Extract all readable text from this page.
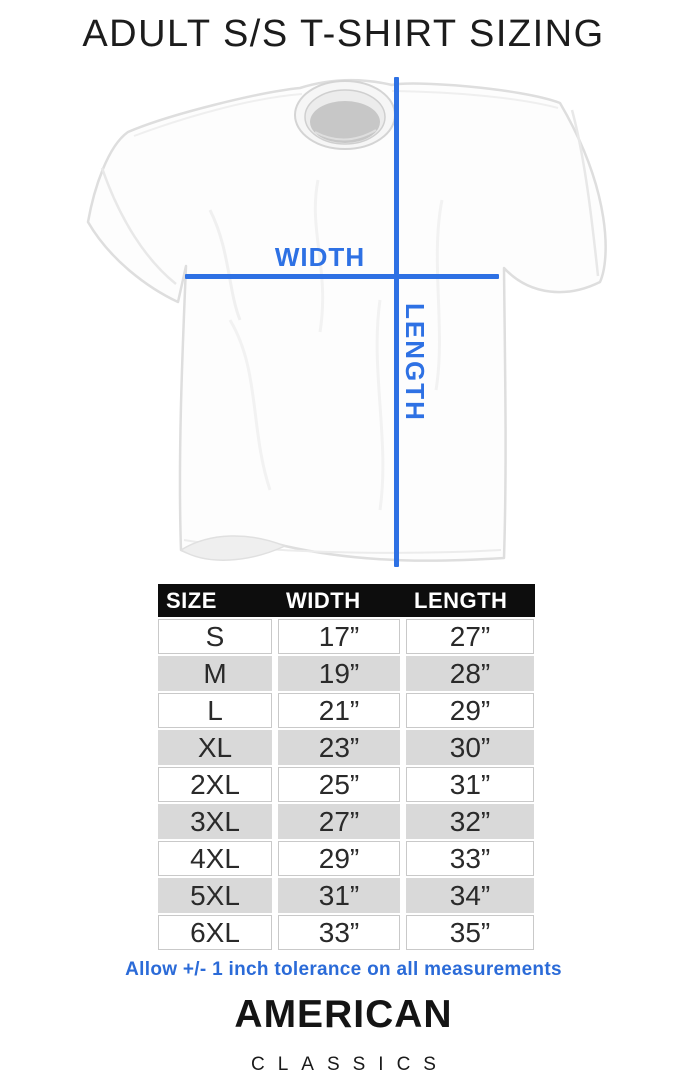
ADULT S/S T-SHIRT SIZING
WIDTH
LENGTH
SIZE	WIDTH	LENGTH
S	17”	27”
M	19”	28”
L	21”	29”
XL	23”	30”
2XL	25”	31”
3XL	27”	32”
4XL	29”	33”
5XL	31”	34”
6XL	33”	35”
Allow +/- 1 inch tolerance on all measurements
AMERICAN

CLASSICS
